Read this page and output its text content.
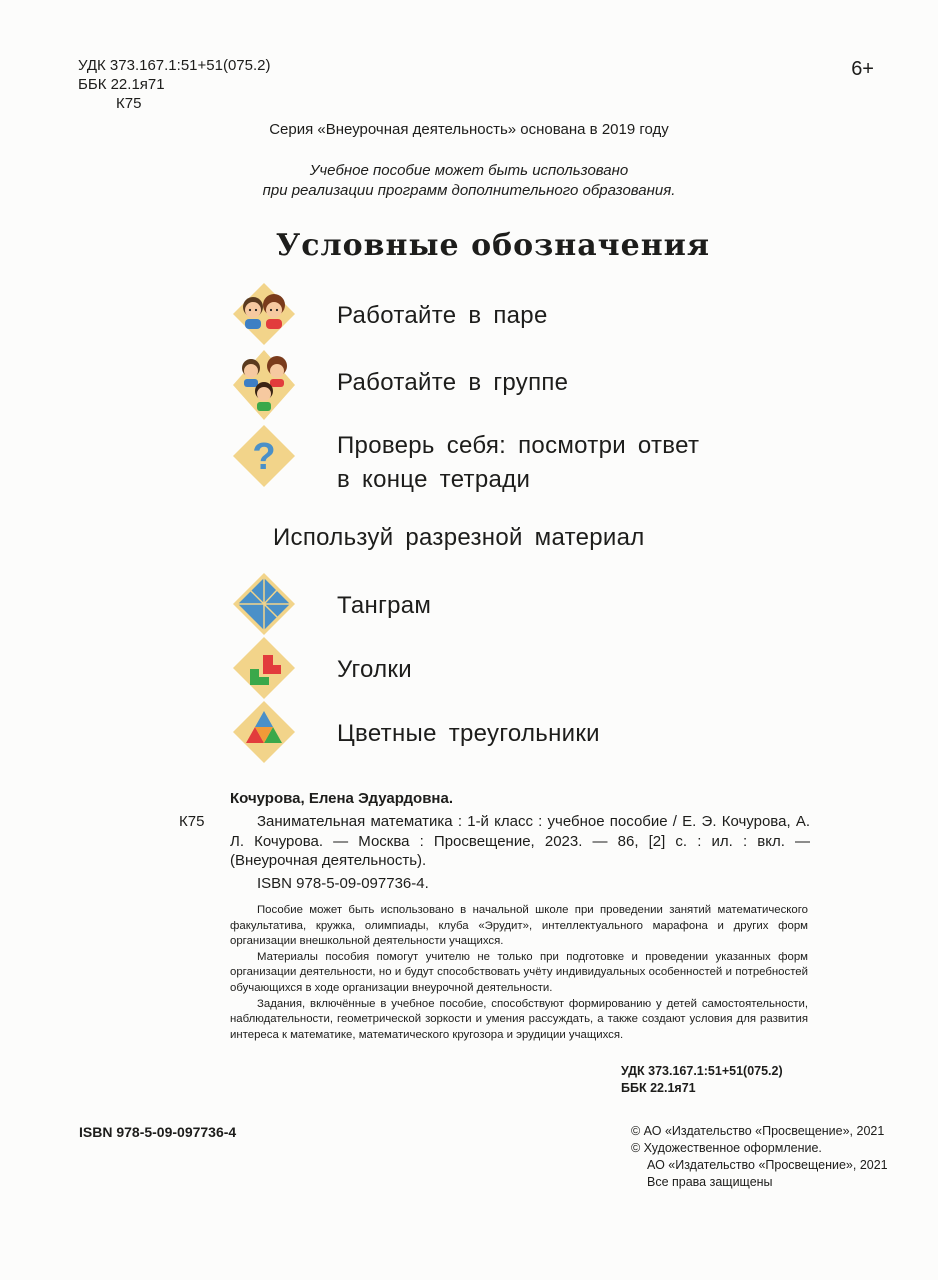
УДК 373.167.1:51+51(075.2)
ББК 22.1я71
К75
6+
Серия «Внеурочная деятельность» основана в 2019 году
Учебное пособие может быть использовано
при реализации программ дополнительного образования.
Условные обозначения
Работайте в паре
Работайте в группе
?	Проверь себя: посмотри ответ
в конце тетради
Используй разрезной материал
Танграм
Уголки
Цветные треугольники
Кочурова, Елена Эдуардовна.
К75	Занимательная математика : 1-й класс : учебное пособие / Е. Э. Кочурова, А. Л. Кочурова. — Москва : Просвещение, 2023. — 86, [2] с. : ил. : вкл. — (Внеурочная деятельность).
ISBN 978-5-09-097736-4.

Пособие может быть использовано в начальной школе при проведении занятий математического факультатива, кружка, олимпиады, клуба «Эрудит», интеллектуального марафона и других форм организации внешкольной деятельности учащихся.

Материалы пособия помогут учителю не только при подготовке и проведении указанных форм организации деятельности, но и будут способствовать учёту индивидуальных особенностей и потребностей обучающихся в ходе организации внеурочной деятельности.

Задания, включённые в учебное пособие, способствуют формированию у детей самостоятельности, наблюдательности, геометрической зоркости и умения рассуждать, а также создают условия для развития интереса к математике, математического кругозора и эрудиции учащихся.

УДК 373.167.1:51+51(075.2)
ББК 22.1я71
ISBN 978-5-09-097736-4	© АО «Издательство «Просвещение», 2021
© Художественное оформление.
АО «Издательство «Просвещение», 2021
Все права защищены
